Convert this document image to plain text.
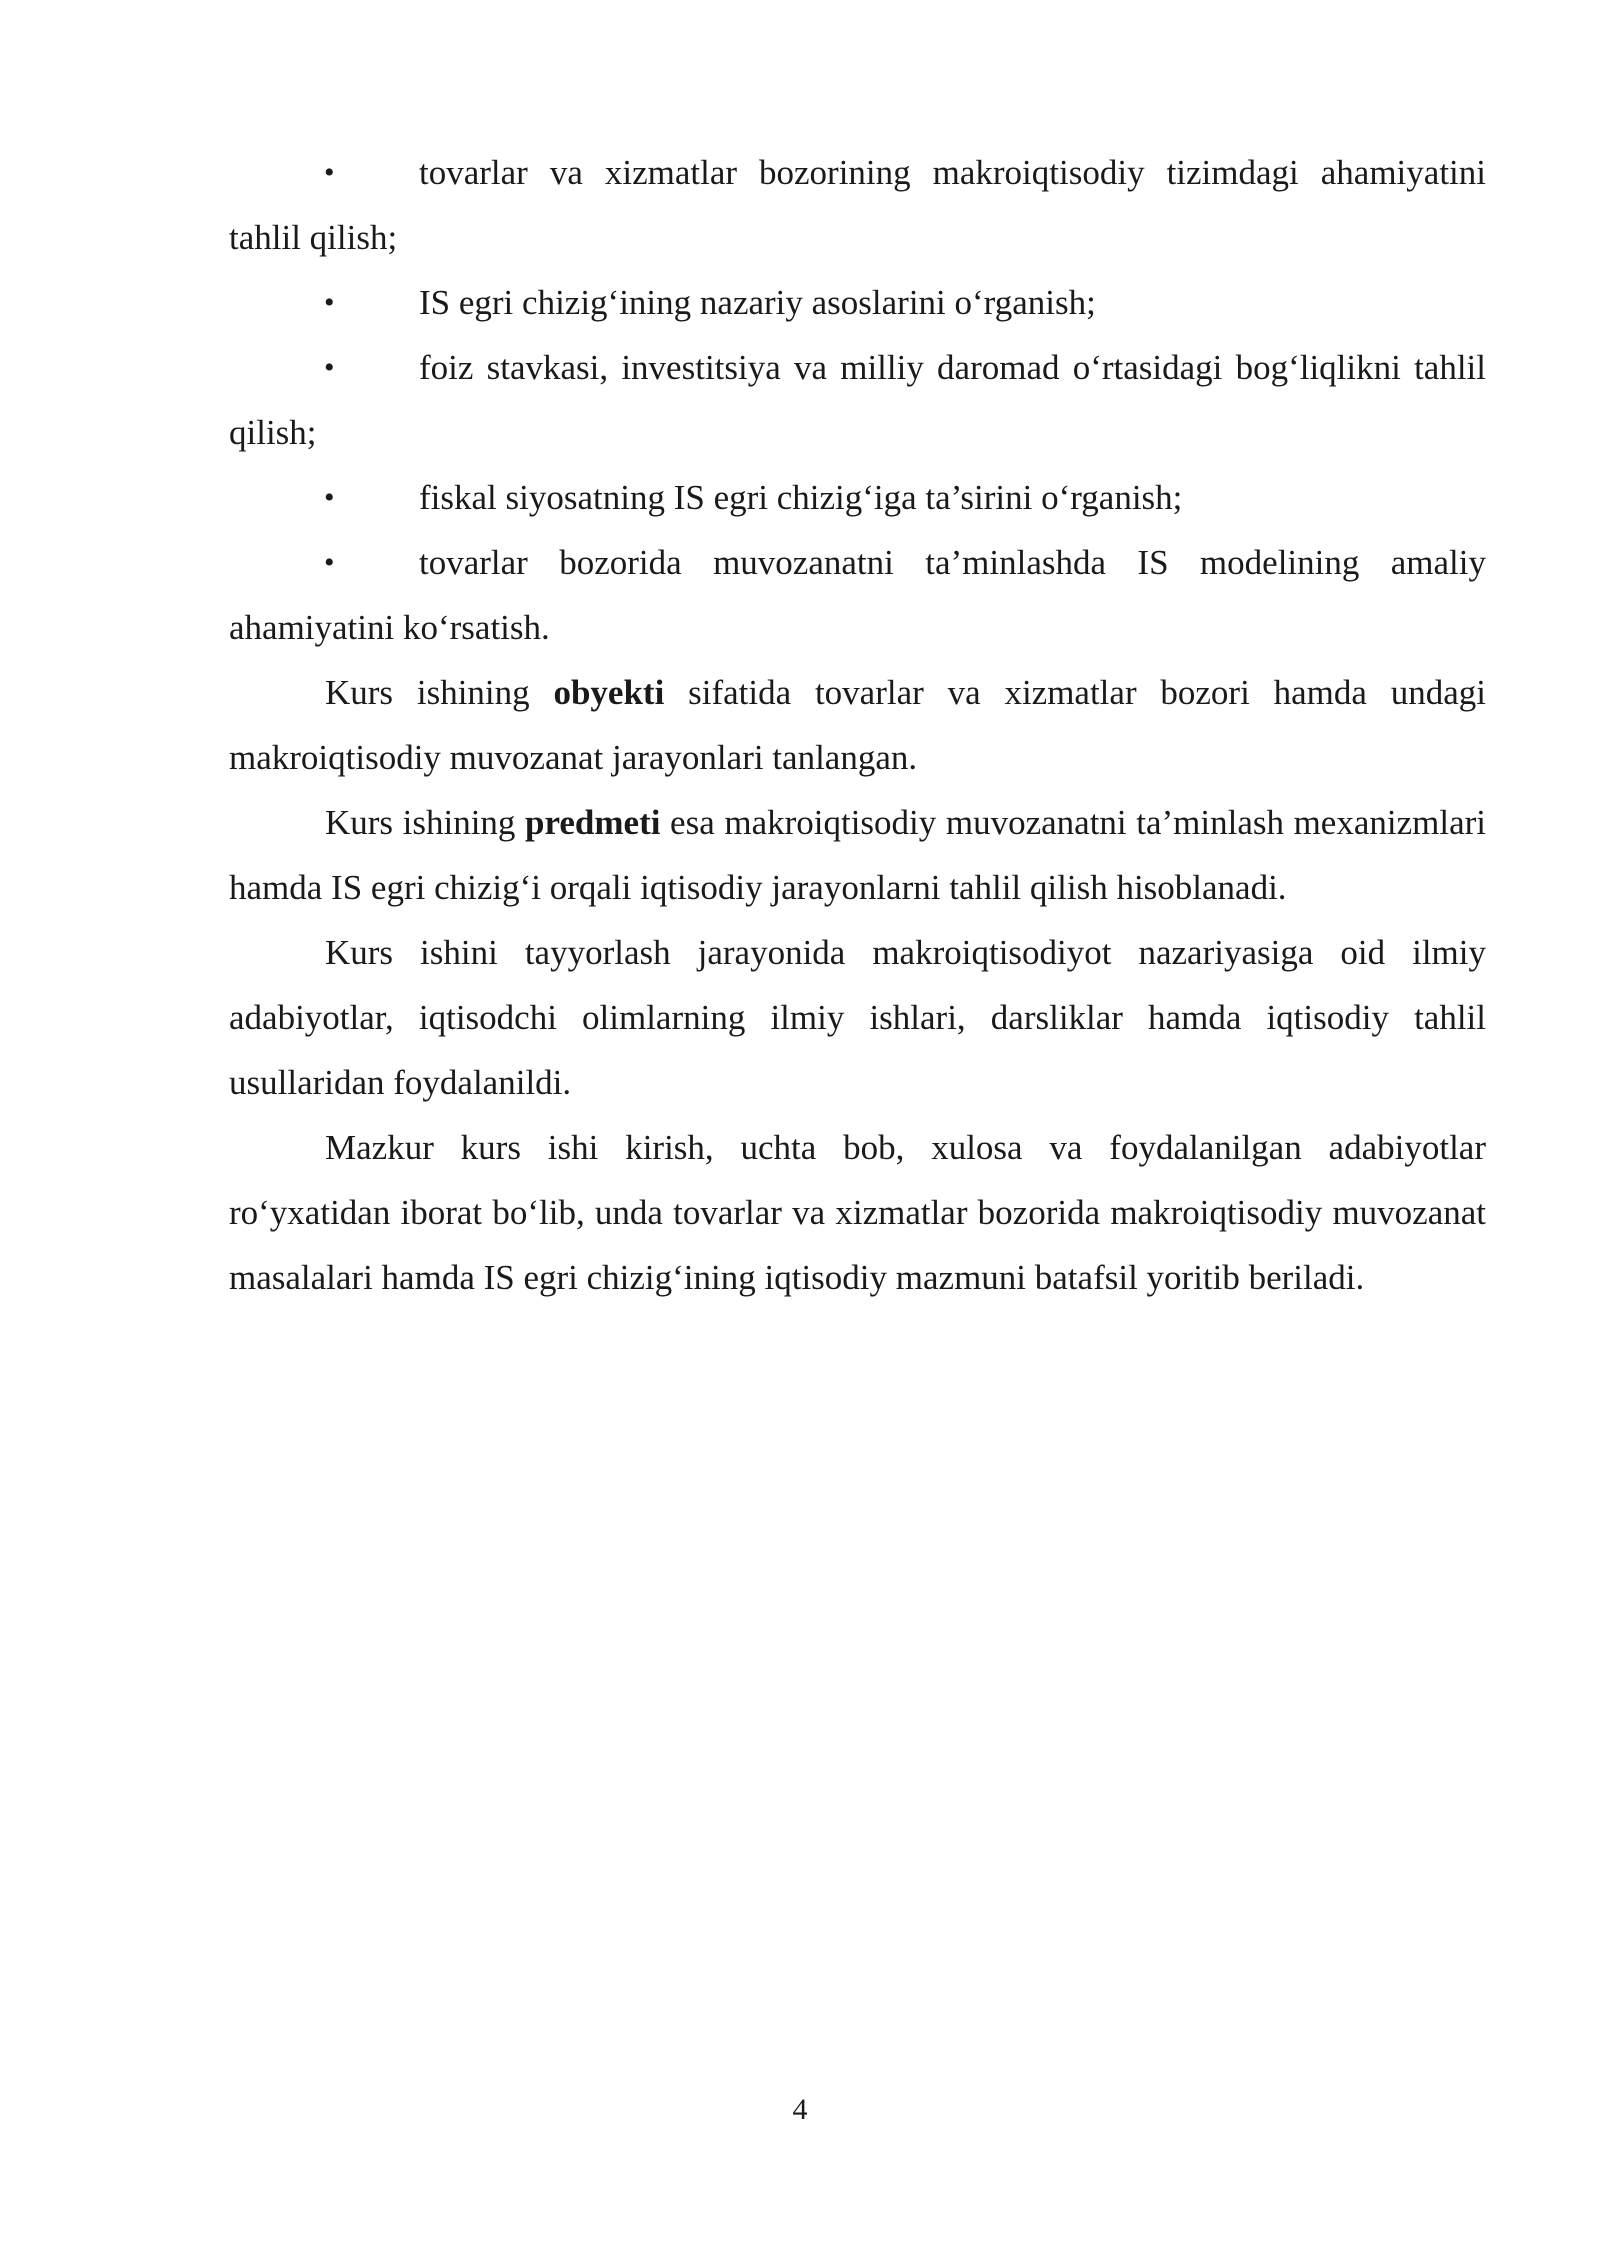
• tovarlar va xizmatlar bozorining makroiqtisodiy tizimdagi ahamiyatini tahlil qilish;

• IS egri chizig‘ining nazariy asoslarini o‘rganish;

• foiz stavkasi, investitsiya va milliy daromad o‘rtasidagi bog‘liqlikni tahlil qilish;

• fiskal siyosatning IS egri chizig‘iga ta’sirini o‘rganish;

• tovarlar bozorida muvozanatni ta’minlashda IS modelining amaliy ahamiyatini ko‘rsatish.

Kurs ishining obyekti sifatida tovarlar va xizmatlar bozori hamda undagi makroiqtisodiy muvozanat jarayonlari tanlangan.

Kurs ishining predmeti esa makroiqtisodiy muvozanatni ta’minlash mexanizmlari hamda IS egri chizig‘i orqali iqtisodiy jarayonlarni tahlil qilish hisoblanadi.

Kurs ishini tayyorlash jarayonida makroiqtisodiyot nazariyasiga oid ilmiy adabiyotlar, iqtisodchi olimlarning ilmiy ishlari, darsliklar hamda iqtisodiy tahlil usullaridan foydalanildi.

Mazkur kurs ishi kirish, uchta bob, xulosa va foydalanilgan adabiyotlar ro‘yxatidan iborat bo‘lib, unda tovarlar va xizmatlar bozorida makroiqtisodiy muvozanat masalalari hamda IS egri chizig‘ining iqtisodiy mazmuni batafsil yoritib beriladi.

4
